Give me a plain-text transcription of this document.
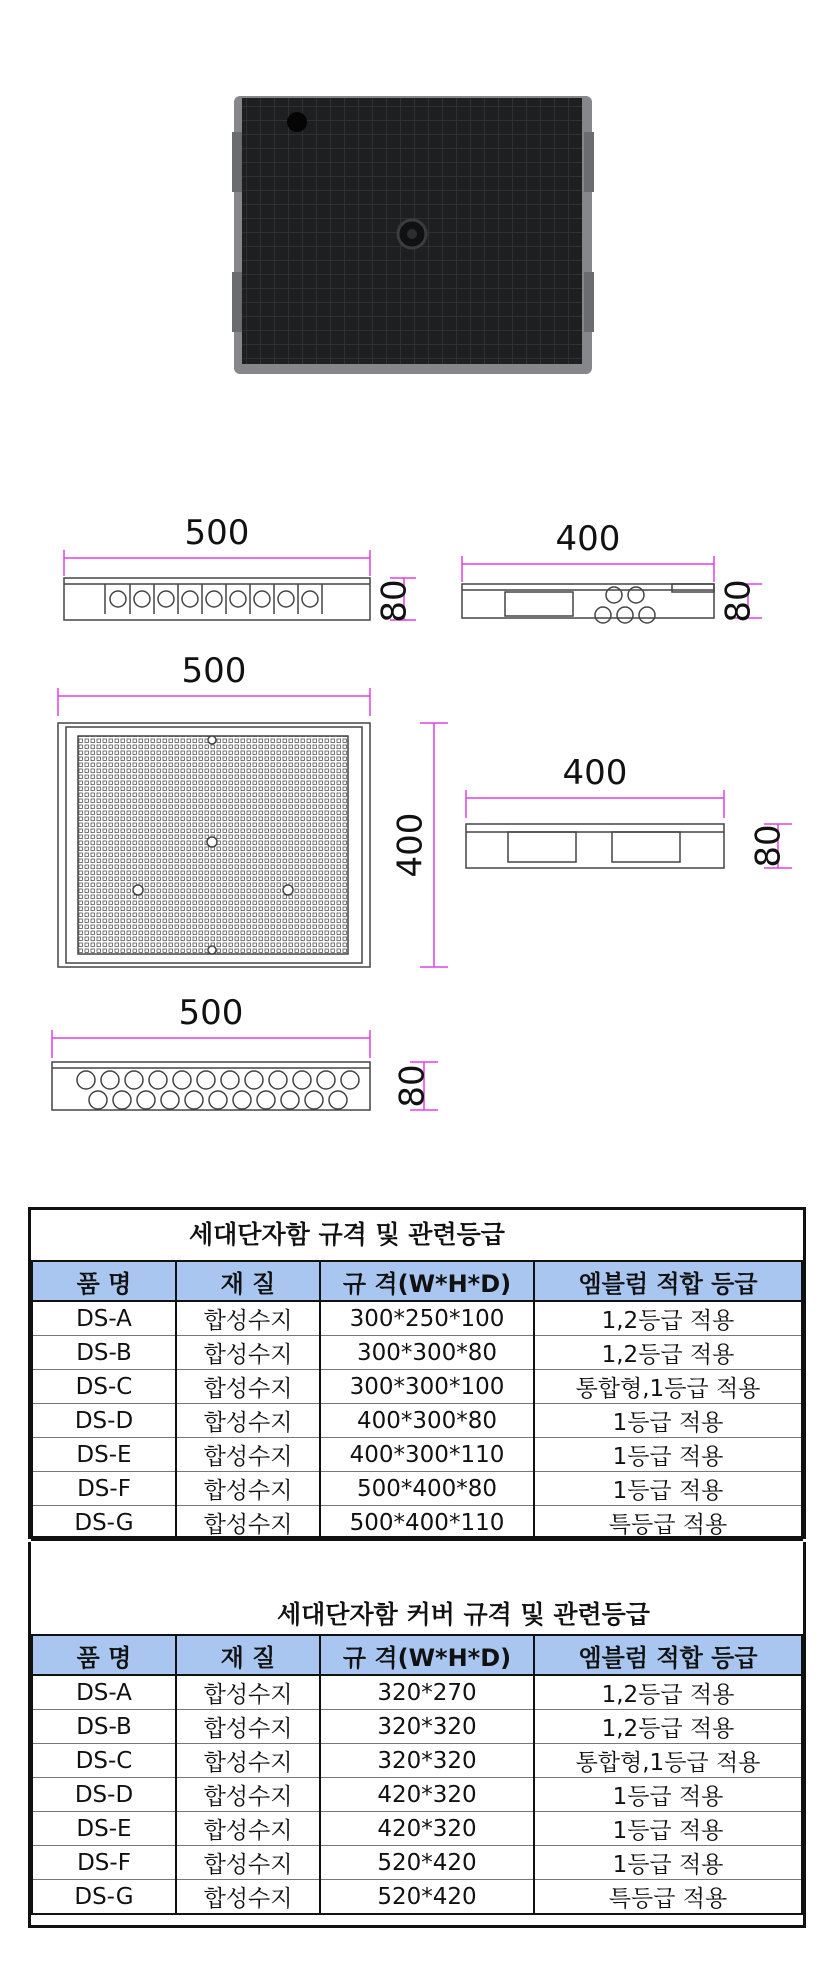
500
80
400
80
500
400
400
80
500
80
세대단자함 규격 및 관련등급
품 명	재 질	규 격(W*H*D)	엠블럼 적합 등급
DS-A	합성수지	300*250*100	1,2등급 적용
DS-B	합성수지	300*300*80	1,2등급 적용
DS-C	합성수지	300*300*100	통합형,1등급 적용
DS-D	합성수지	400*300*80	1등급 적용
DS-E	합성수지	400*300*110	1등급 적용
DS-F	합성수지	500*400*80	1등급 적용
DS-G	합성수지	500*400*110	특등급 적용
세대단자함 커버 규격 및 관련등급
품 명	재 질	규 격(W*H*D)	엠블럼 적합 등급
DS-A	합성수지	320*270	1,2등급 적용
DS-B	합성수지	320*320	1,2등급 적용
DS-C	합성수지	320*320	통합형,1등급 적용
DS-D	합성수지	420*320	1등급 적용
DS-E	합성수지	420*320	1등급 적용
DS-F	합성수지	520*420	1등급 적용
DS-G	합성수지	520*420	특등급 적용
